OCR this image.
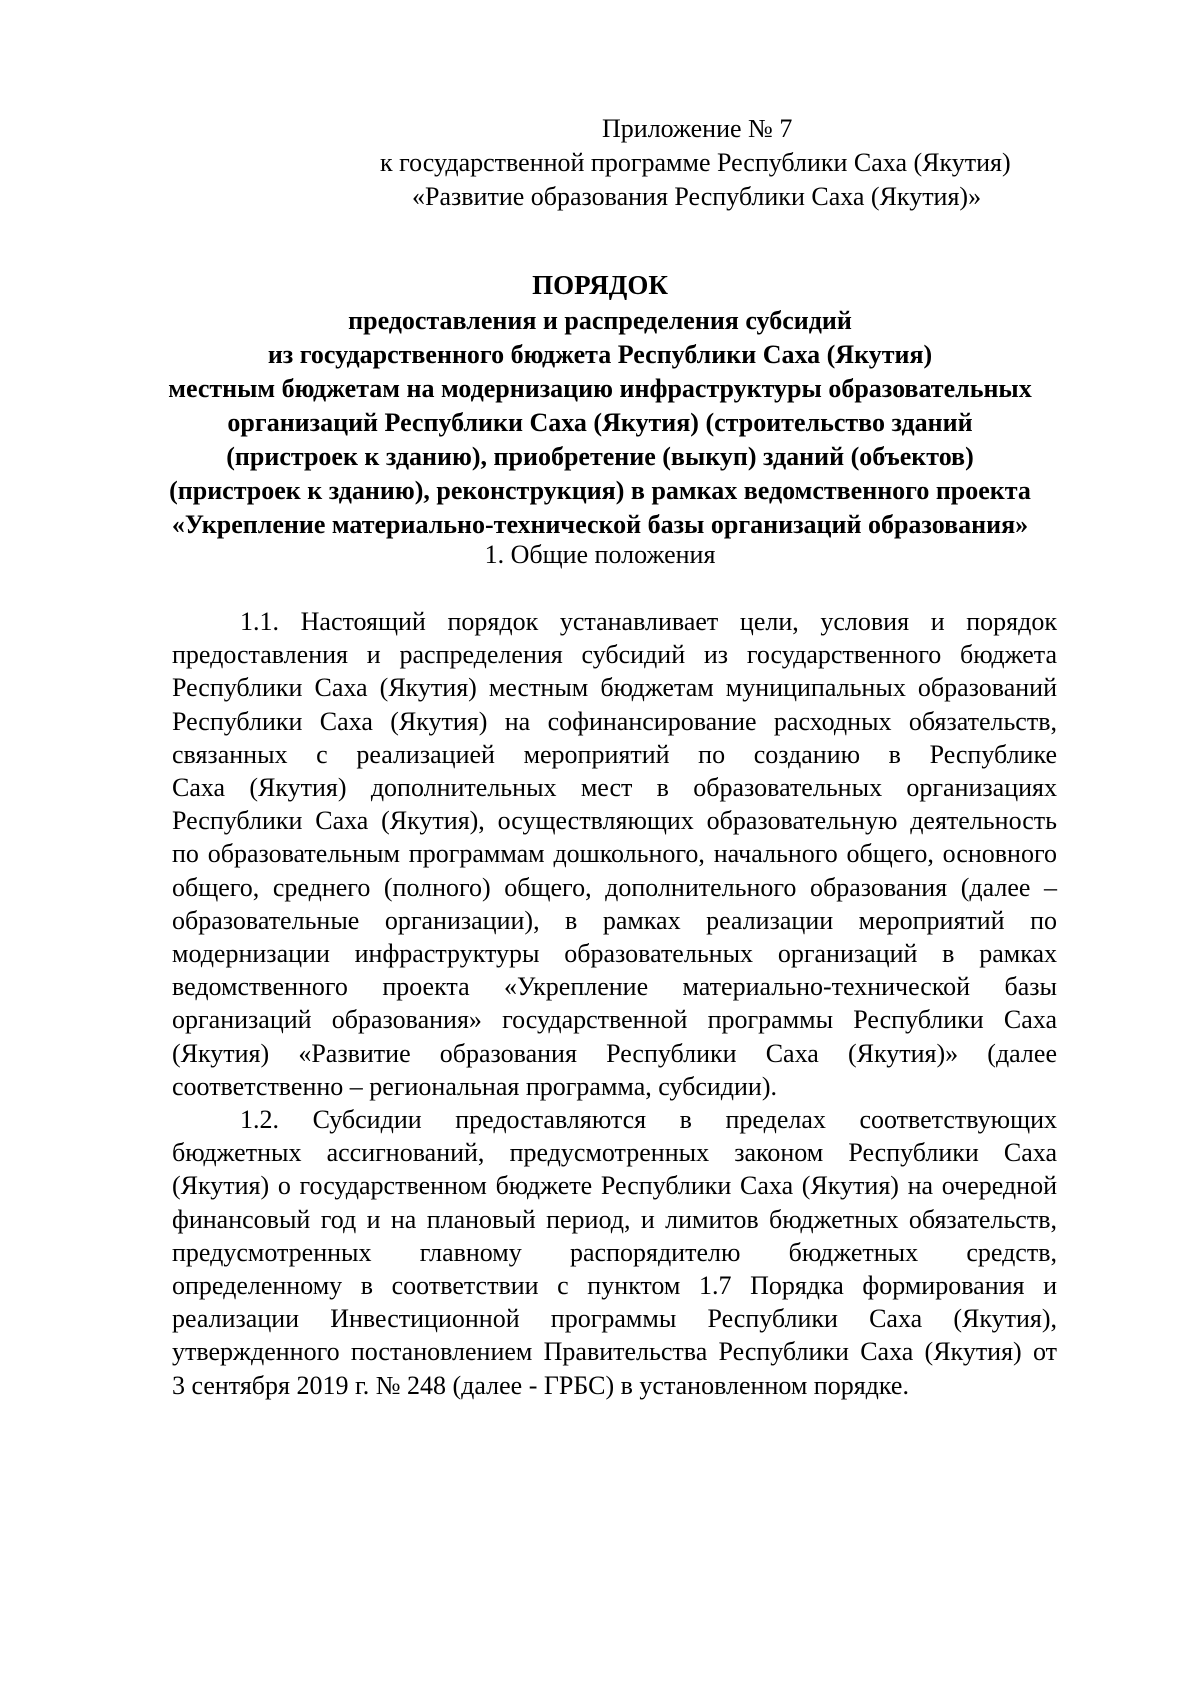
Приложение № 7
к государственной программе Республики Саха (Якутия)
«Развитие образования Республики Саха (Якутия)»
ПОРЯДОК
предоставления и распределения субсидий
из государственного бюджета Республики Саха (Якутия)
местным бюджетам на модернизацию инфраструктуры образовательных
организаций Республики Саха (Якутия) (строительство зданий
(пристроек к зданию), приобретение (выкуп) зданий (объектов)
(пристроек к зданию), реконструкция) в рамках ведомственного проекта
«Укрепление материально-технической базы организаций образования»
1. Общие положения
1.1. Настоящий порядок устанавливает цели, условия и порядок
предоставления и распределения субсидий из государственного бюджета
Республики Саха (Якутия) местным бюджетам муниципальных образований
Республики Саха (Якутия) на софинансирование расходных обязательств,
связанных с реализацией мероприятий по созданию в Республике
Саха (Якутия) дополнительных мест в образовательных организациях
Республики Саха (Якутия), осуществляющих образовательную деятельность
по образовательным программам дошкольного, начального общего, основного
общего, среднего (полного) общего, дополнительного образования (далее –
образовательные организации), в рамках реализации мероприятий по
модернизации инфраструктуры образовательных организаций в рамках
ведомственного проекта «Укрепление материально-технической базы
организаций образования» государственной программы Республики Саха
(Якутия) «Развитие образования Республики Саха (Якутия)» (далее
соответственно – региональная программа, субсидии).
1.2. Субсидии предоставляются в пределах соответствующих
бюджетных ассигнований, предусмотренных законом Республики Саха
(Якутия) о государственном бюджете Республики Саха (Якутия) на очередной
финансовый год и на плановый период, и лимитов бюджетных обязательств,
предусмотренных главному распорядителю бюджетных средств,
определенному в соответствии с пунктом 1.7 Порядка формирования и
реализации Инвестиционной программы Республики Саха (Якутия),
утвержденного постановлением Правительства Республики Саха (Якутия) от
3 сентября 2019 г. № 248 (далее - ГРБС) в установленном порядке.
